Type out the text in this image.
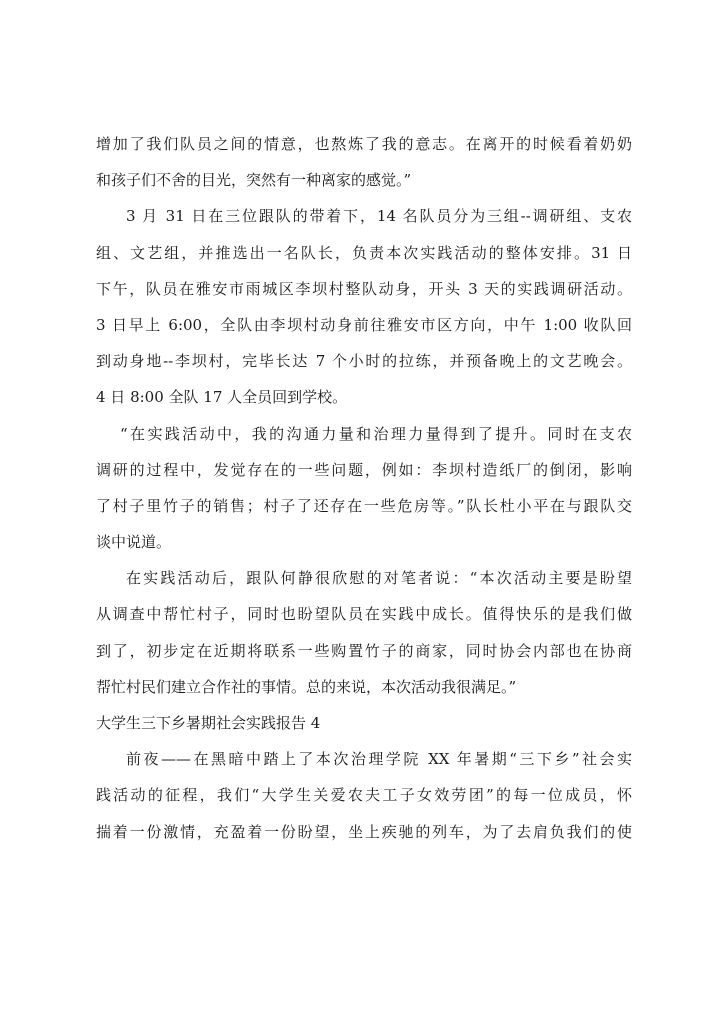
增加了我们队员之间的情意，也熬炼了我的意志。在离开的时候看着奶奶
和孩子们不舍的目光，突然有一种离家的感觉。”
3 月 31 日在三位跟队的带着下，14 名队员分为三组--调研组、支农
组、文艺组，并推选出一名队长，负责本次实践活动的整体安排。31 日
下午，队员在雅安市雨城区李坝村整队动身，开头 3 天的实践调研活动。
3 日早上 6:00，全队由李坝村动身前往雅安市区方向，中午 1:00 收队回
到动身地--李坝村，完毕长达 7 个小时的拉练，并预备晚上的文艺晚会。
4 日 8:00 全队 17 人全员回到学校。
“在实践活动中，我的沟通力量和治理力量得到了提升。同时在支农
调研的过程中，发觉存在的一些问题，例如：李坝村造纸厂的倒闭，影响
了村子里竹子的销售；村子了还存在一些危房等。”队长杜小平在与跟队交
谈中说道。
在实践活动后，跟队何静很欣慰的对笔者说：“本次活动主要是盼望
从调查中帮忙村子，同时也盼望队员在实践中成长。值得快乐的是我们做
到了，初步定在近期将联系一些购置竹子的商家，同时协会内部也在协商
帮忙村民们建立合作社的事情。总的来说，本次活动我很满足。”
大学生三下乡暑期社会实践报告 4
前夜——在黑暗中踏上了本次治理学院 XX 年暑期“三下乡”社会实
践活动的征程，我们“大学生关爱农夫工子女效劳团”的每一位成员，怀
揣着一份激情，充盈着一份盼望，坐上疾驰的列车，为了去肩负我们的使
